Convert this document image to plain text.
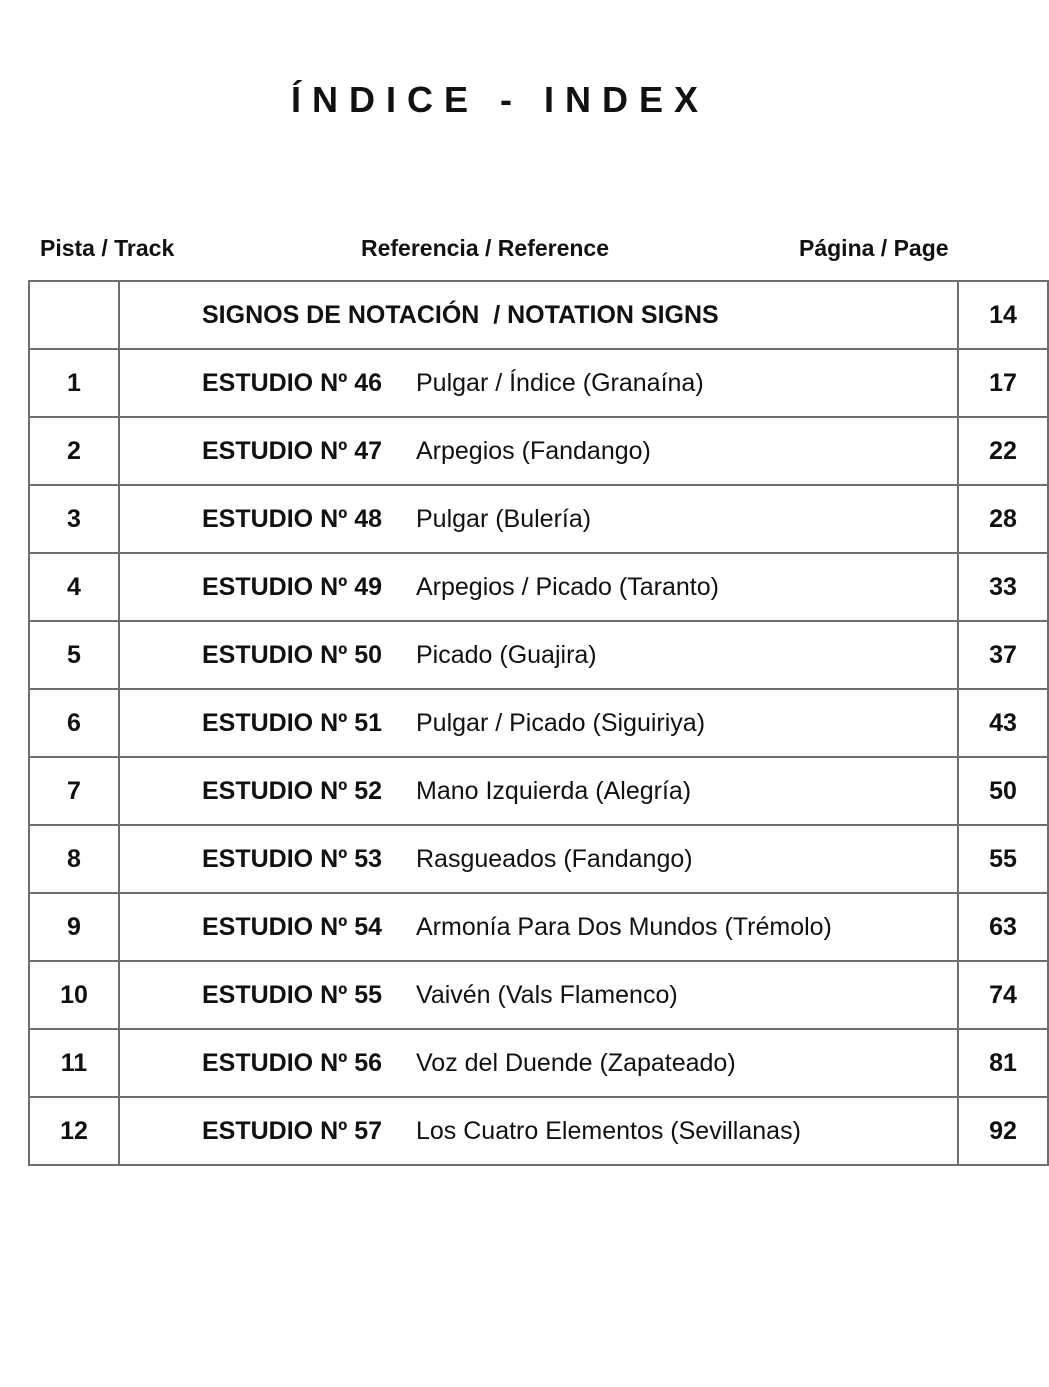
ÍNDICE - INDEX
Pista / Track	Referencia / Reference	Página / Page
	SIGNOS DE NOTACIÓN  / NOTATION SIGNS	14
1	ESTUDIO Nº 46 Pulgar / Índice (Granaína)	17
2	ESTUDIO Nº 47 Arpegios (Fandango)	22
3	ESTUDIO Nº 48 Pulgar (Bulería)	28
4	ESTUDIO Nº 49 Arpegios / Picado (Taranto)	33
5	ESTUDIO Nº 50 Picado (Guajira)	37
6	ESTUDIO Nº 51 Pulgar / Picado (Siguiriya)	43
7	ESTUDIO Nº 52 Mano Izquierda (Alegría)	50
8	ESTUDIO Nº 53 Rasgueados (Fandango)	55
9	ESTUDIO Nº 54 Armonía Para Dos Mundos (Trémolo)	63
10	ESTUDIO Nº 55 Vaivén (Vals Flamenco)	74
11	ESTUDIO Nº 56 Voz del Duende (Zapateado)	81
12	ESTUDIO Nº 57 Los Cuatro Elementos (Sevillanas)	92
